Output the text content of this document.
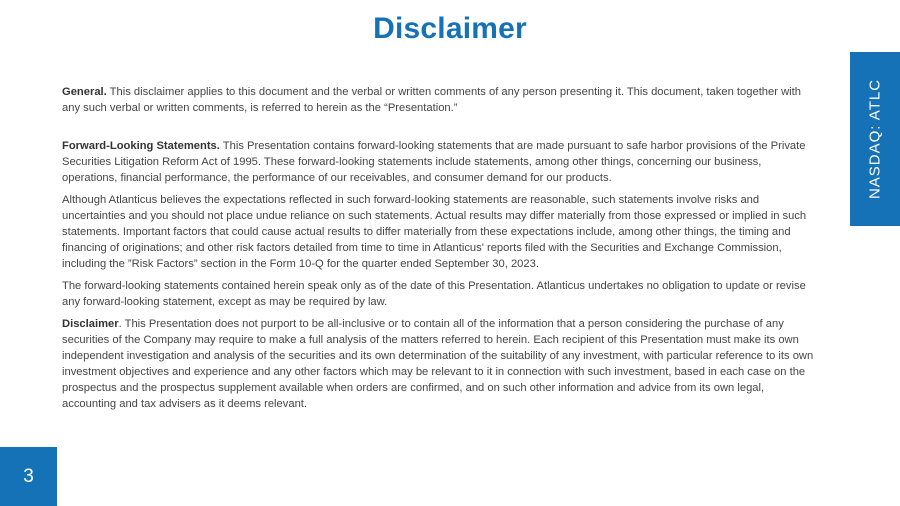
Disclaimer
NASDAQ: ATLC

General. This disclaimer applies to this document and the verbal or written comments of any person presenting it. This document, taken together with any such verbal or written comments, is referred to herein as the “Presentation.”

Forward-Looking Statements. This Presentation contains forward-looking statements that are made pursuant to safe harbor provisions of the Private Securities Litigation Reform Act of 1995. These forward-looking statements include statements, among other things, concerning our business, operations, financial performance, the performance of our receivables, and consumer demand for our products.

Although Atlanticus believes the expectations reflected in such forward-looking statements are reasonable, such statements involve risks and uncertainties and you should not place undue reliance on such statements. Actual results may differ materially from those expressed or implied in such statements. Important factors that could cause actual results to differ materially from these expectations include, among other things, the timing and financing of originations; and other risk factors detailed from time to time in Atlanticus' reports filed with the Securities and Exchange Commission, including the ”Risk Factors” section in the Form 10-Q for the quarter ended September 30, 2023.

The forward-looking statements contained herein speak only as of the date of this Presentation. Atlanticus undertakes no obligation to update or revise any forward-looking statement, except as may be required by law.

Disclaimer. This Presentation does not purport to be all-inclusive or to contain all of the information that a person considering the purchase of any securities of the Company may require to make a full analysis of the matters referred to herein. Each recipient of this Presentation must make its own independent investigation and analysis of the securities and its own determination of the suitability of any investment, with particular reference to its own investment objectives and experience and any other factors which may be relevant to it in connection with such investment, based in each case on the prospectus and the prospectus supplement available when orders are confirmed, and on such other information and advice from its own legal, accounting and tax advisers as it deems relevant.

3
